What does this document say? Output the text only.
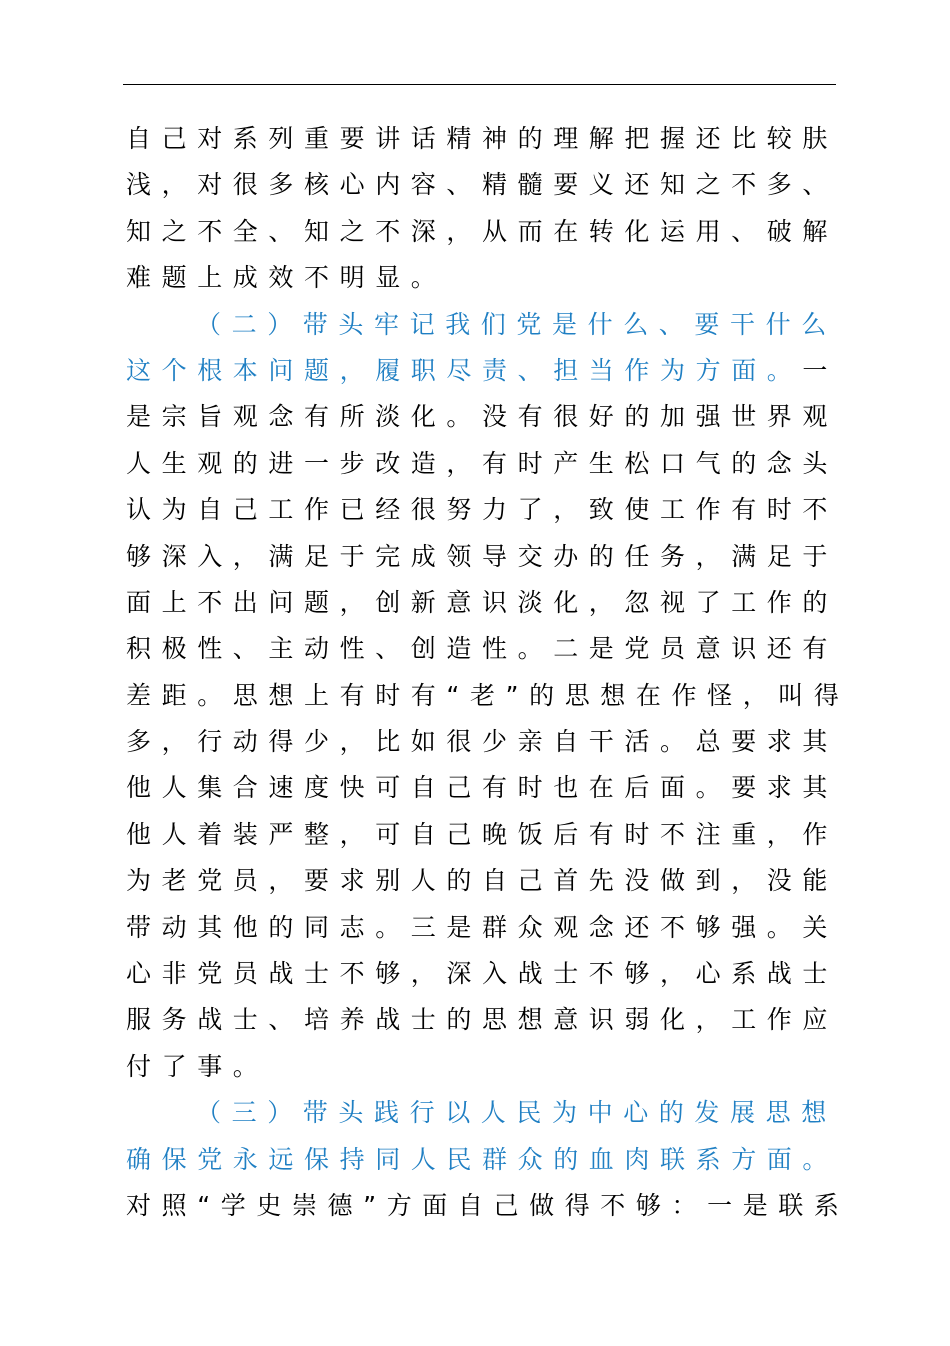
自己对系列重要讲话精神的理解把握还比较肤
浅，对很多核心内容、精髓要义还知之不多、
知之不全、知之不深，从而在转化运用、破解
难题上成效不明显。
（二）带头牢记我们党是什么、要干什么
这个根本问题，履职尽责、担当作为方面。一
是宗旨观念有所淡化。没有很好的加强世界观
人生观的进一步改造，有时产生松口气的念头
认为自己工作已经很努力了，致使工作有时不
够深入，满足于完成领导交办的任务，满足于
面上不出问题，创新意识淡化，忽视了工作的
积极性、主动性、创造性。二是党员意识还有
差距。思想上有时有“老”的思想在作怪，叫得
多，行动得少，比如很少亲自干活。总要求其
他人集合速度快可自己有时也在后面。要求其
他人着装严整，可自己晚饭后有时不注重，作
为老党员，要求别人的自己首先没做到，没能
带动其他的同志。三是群众观念还不够强。关
心非党员战士不够，深入战士不够，心系战士
服务战士、培养战士的思想意识弱化，工作应
付了事。
（三）带头践行以人民为中心的发展思想
确保党永远保持同人民群众的血肉联系方面。
对照“学史崇德”方面自己做得不够：一是联系
